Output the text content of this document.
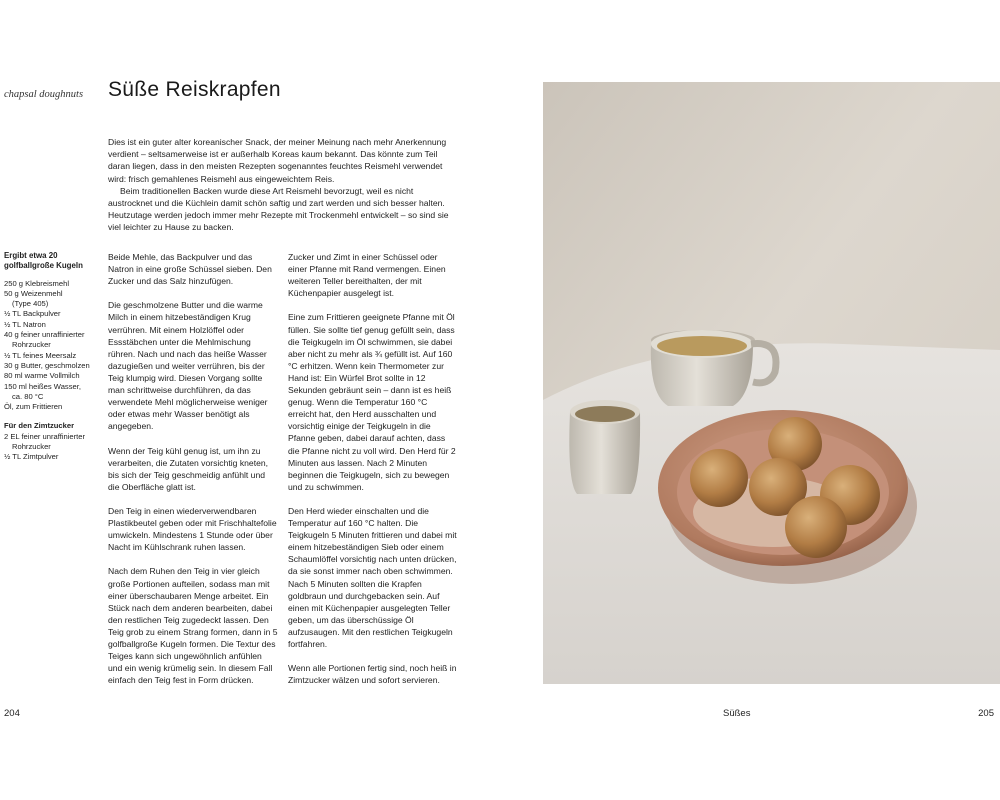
chapsal doughnuts Süße Reiskrapfen

Dies ist ein guter alter koreanischer Snack, der meiner Meinung nach mehr Anerkennung verdient – seltsamerweise ist er außerhalb Koreas kaum bekannt. Das könnte zum Teil daran liegen, dass in den meisten Rezepten sogenanntes feuchtes Reismehl verwendet wird: frisch gemahlenes Reismehl aus eingeweichtem Reis.

Beim traditionellen Backen wurde diese Art Reismehl bevorzugt, weil es nicht austrocknet und die Küchlein damit schön saftig und zart werden und sich besser halten. Heutzutage werden jedoch immer mehr Rezepte mit Trockenmehl entwickelt – so sind sie viel leichter zu Hause zu backen.

Ergibt etwa 20 golfballgroße Kugeln
250 g Klebreismehl
50 g Weizenmehl
(Type 405)
½ TL Backpulver
½ TL Natron
40 g feiner unraffinierter
Rohrzucker
½ TL feines Meersalz
30 g Butter, geschmolzen
80 ml warme Vollmilch
150 ml heißes Wasser,
ca. 80 °C
Öl, zum Frittieren
Für den Zimtzucker
2 EL feiner unraffinierter
Rohrzucker
½ TL Zimtpulver

Beide Mehle, das Backpulver und das Natron in eine große Schüssel sieben. Den Zucker und das Salz hinzufügen.

Die geschmolzene Butter und die warme Milch in einem hitzebeständigen Krug verrühren. Mit einem Holzlöffel oder Essstäbchen unter die Mehlmischung rühren. Nach und nach das heiße Wasser dazugießen und weiter verrühren, bis der Teig klumpig wird. Diesen Vorgang sollte man schrittweise durchführen, da das verwendete Mehl möglicherweise weniger oder etwas mehr Wasser benötigt als angegeben.

Wenn der Teig kühl genug ist, um ihn zu verarbeiten, die Zutaten vorsichtig kneten, bis sich der Teig geschmeidig anfühlt und die Oberfläche glatt ist.

Den Teig in einen wiederverwendbaren Plastikbeutel geben oder mit Frischhaltefolie umwickeln. Mindestens 1 Stunde oder über Nacht im Kühlschrank ruhen lassen.

Nach dem Ruhen den Teig in vier gleich große Portionen aufteilen, sodass man mit einer überschaubaren Menge arbeitet. Ein Stück nach dem anderen bearbeiten, dabei den restlichen Teig zugedeckt lassen. Den Teig grob zu einem Strang formen, dann in 5 golfballgroße Kugeln formen. Die Textur des Teiges kann sich ungewöhnlich anfühlen und ein wenig krümelig sein. In diesem Fall einfach den Teig fest in Form drücken.

Zucker und Zimt in einer Schüssel oder einer Pfanne mit Rand vermengen. Einen weiteren Teller bereithalten, der mit Küchenpapier ausgelegt ist.

Eine zum Frittieren geeignete Pfanne mit Öl füllen. Sie sollte tief genug gefüllt sein, dass die Teigkugeln im Öl schwimmen, sie dabei aber nicht zu mehr als ¾ gefüllt ist. Auf 160 °C erhitzen. Wenn kein Thermometer zur Hand ist: Ein Würfel Brot sollte in 12 Sekunden gebräunt sein – dann ist es heiß genug. Wenn die Temperatur 160 °C erreicht hat, den Herd ausschalten und vorsichtig einige der Teigkugeln in die Pfanne geben, dabei darauf achten, dass die Pfanne nicht zu voll wird. Den Herd für 2 Minuten aus lassen. Nach 2 Minuten beginnen die Teigkugeln, sich zu bewegen und zu schwimmen.

Den Herd wieder einschalten und die Temperatur auf 160 °C halten. Die Teigkugeln 5 Minuten frittieren und dabei mit einem hitzebeständigen Sieb oder einem Schaumlöffel vorsichtig nach unten drücken, da sie sonst immer nach oben schwimmen. Nach 5 Minuten sollten die Krapfen goldbraun und durchgebacken sein. Auf einen mit Küchenpapier ausgelegten Teller geben, um das überschüssige Öl aufzusaugen. Mit den restlichen Teigkugeln fortfahren.

Wenn alle Portionen fertig sind, noch heiß in Zimtzucker wälzen und sofort servieren.

204	Süßes	205
